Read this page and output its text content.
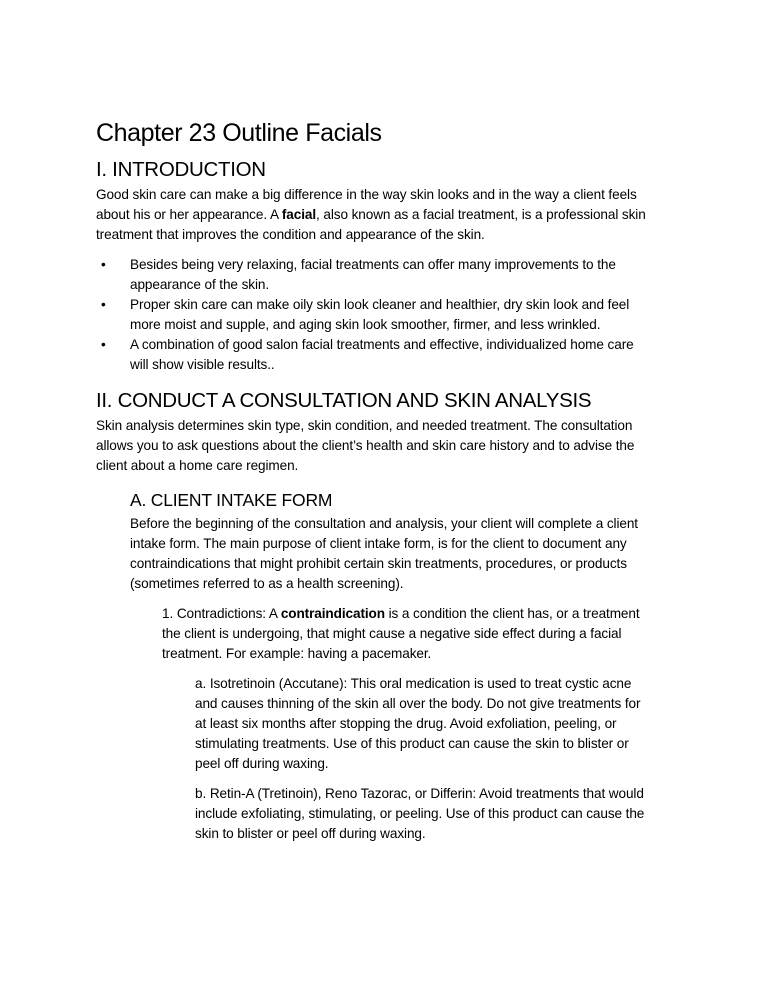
Chapter 23 Outline Facials
I. INTRODUCTION

Good skin care can make a big difference in the way skin looks and in the way a client feels about his or her appearance. A facial, also known as a facial treatment, is a professional skin treatment that improves the condition and appearance of the skin.

• Besides being very relaxing, facial treatments can offer many improvements to the appearance of the skin.
• Proper skin care can make oily skin look cleaner and healthier, dry skin look and feel more moist and supple, and aging skin look smoother, firmer, and less wrinkled.
• A combination of good salon facial treatments and effective, individualized home care will show visible results..
II. CONDUCT A CONSULTATION AND SKIN ANALYSIS

Skin analysis determines skin type, skin condition, and needed treatment. The consultation allows you to ask questions about the client’s health and skin care history and to advise the client about a home care regimen.

A. CLIENT INTAKE FORM

Before the beginning of the consultation and analysis, your client will complete a client intake form. The main purpose of client intake form, is for the client to document any contraindications that might prohibit certain skin treatments, procedures, or products (sometimes referred to as a health screening).

1. Contradictions: A contraindication is a condition the client has, or a treatment the client is undergoing, that might cause a negative side effect during a facial treatment. For example: having a pacemaker.

a. Isotretinoin (Accutane): This oral medication is used to treat cystic acne and causes thinning of the skin all over the body. Do not give treatments for at least six months after stopping the drug. Avoid exfoliation, peeling, or stimulating treatments. Use of this product can cause the skin to blister or peel off during waxing.

b. Retin-A (Tretinoin), Reno Tazorac, or Differin: Avoid treatments that would include exfoliating, stimulating, or peeling. Use of this product can cause the skin to blister or peel off during waxing.
